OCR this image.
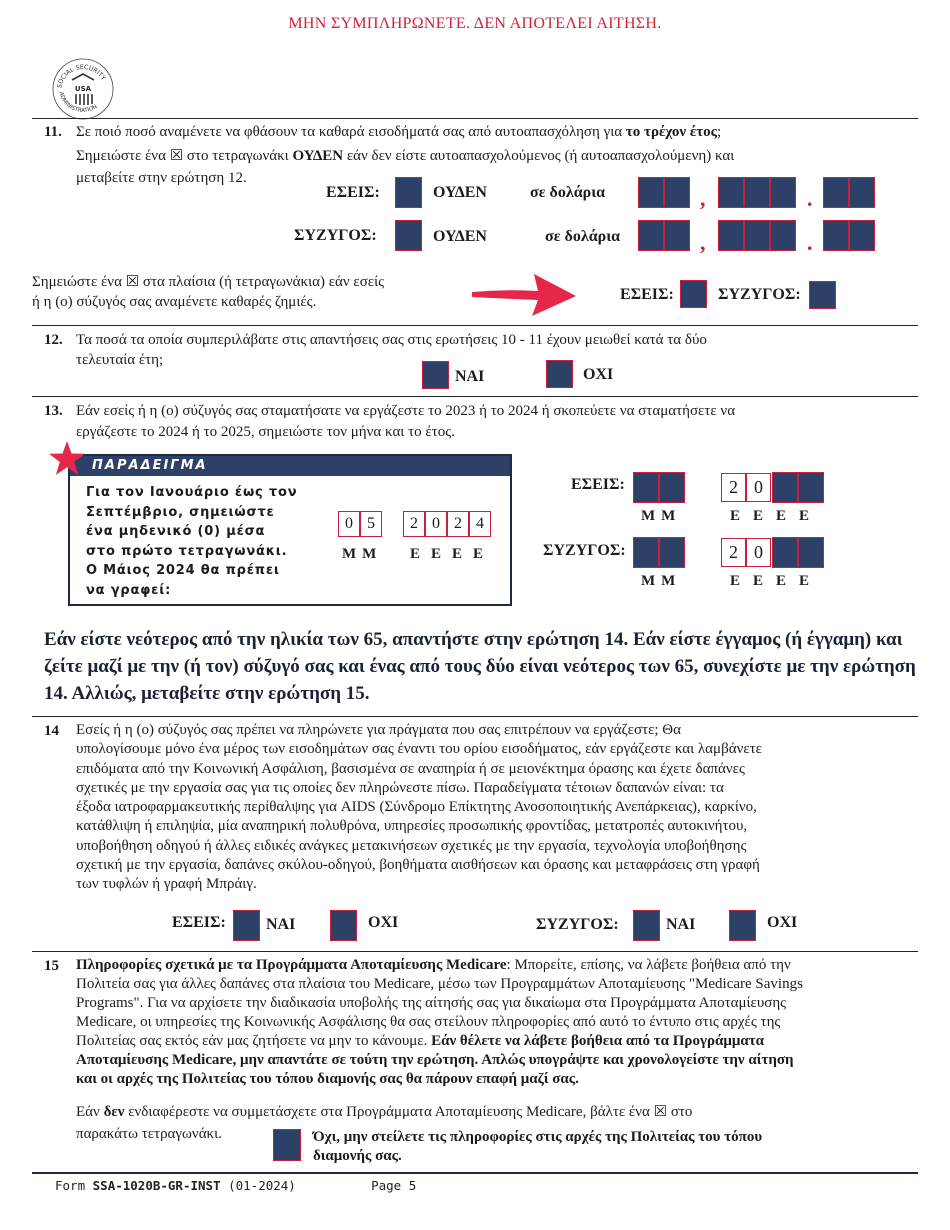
ΜΗΝ ΣΥΜΠΛΗΡΩΝΕΤΕ. ΔΕΝ ΑΠΟΤΕΛΕΙ ΑΙΤΗΣΗ.
SOCIAL SECURITY
ADMINISTRATION
USA
11. Σε ποιό ποσό αναμένετε να φθάσουν τα καθαρά εισοδήματά σας από αυτοαπασχόληση για το τρέχον έτος;
Σημειώστε ένα ☒ στο τετραγωνάκι ΟΥΔΕΝ εάν δεν είστε αυτοαπασχολούμενος (ή αυτοαπασχολούμενη) και
μεταβείτε στην ερώτηση 12.
ΕΣΕΙΣ:	ΟΥΔΕΝ	σε δολάρια	,	.
ΣΥΖΥΓΟΣ:	ΟΥΔΕΝ	σε δολάρια	,	.
Σημειώστε ένα ☒ στα πλαίσια (ή τετραγωνάκια) εάν εσείς
ή η (ο) σύζυγός σας αναμένετε καθαρές ζημιές.	ΕΣΕΙΣ:	ΣΥΖΥΓΟΣ:
12. Τα ποσά τα οποία συμπεριλάβατε στις απαντήσεις σας στις ερωτήσεις 10 - 11 έχουν μειωθεί κατά τα δύο
τελευταία έτη;
ΝΑΙ	ΟΧΙ
13. Εάν εσείς ή η (ο) σύζυγός σας σταματήσατε να εργάζεστε το 2023 ή το 2024 ή σκοπεύετε να σταματήσετε να
εργάζεστε το 2024 ή το 2025, σημειώστε τον μήνα και το έτος.
ΠΑΡΑΔΕΙΓΜΑ
Για τον Ιανουάριο έως τον
Σεπτέμβριο, σημειώστε
ένα μηδενικό (0) μέσα
στο πρώτο τετραγωνάκι.
Ο Μάιος 2024 θα πρέπει
να γραφεί:
0 5	2 0 2 4
ΜΜ ΕΕΕΕ
ΕΣΕΙΣ:	2 0
ΜΜ	ΕΕΕΕ
ΣΥΖΥΓΟΣ:	2 0
ΜΜ	ΕΕΕΕ
Εάν είστε νεότερος από την ηλικία των 65, απαντήστε στην ερώτηση 14. Εάν είστε έγγαμος (ή έγγαμη) και ζείτε μαζί με την (ή τον) σύζυγό σας και ένας από τους δύο είναι νεότερος των 65, συνεχίστε με την ερώτηση 14. Αλλιώς, μεταβείτε στην ερώτηση 15.
14 Εσείς ή η (ο) σύζυγός σας πρέπει να πληρώνετε για πράγματα που σας επιτρέπουν να εργάζεστε; Θα
υπολογίσουμε μόνο ένα μέρος των εισοδημάτων σας έναντι του ορίου εισοδήματος, εάν εργάζεστε και λαμβάνετε
επιδόματα από την Κοινωνική Ασφάλιση, βασισμένα σε αναπηρία ή σε μειονέκτημα όρασης και έχετε δαπάνες
σχετικές με την εργασία σας για τις οποίες δεν πληρώνεστε πίσω. Παραδείγματα τέτοιων δαπανών είναι: τα
έξοδα ιατροφαρμακευτικής περίθαλψης για AIDS (Σύνδρομο Επίκτητης Ανοσοποιητικής Ανεπάρκειας), καρκίνο,
κατάθλιψη ή επιληψία, μία αναπηρική πολυθρόνα, υπηρεσίες προσωπικής φροντίδας, μετατροπές αυτοκινήτου,
υποβοήθηση οδηγού ή άλλες ειδικές ανάγκες μετακινήσεων σχετικές με την εργασία, τεχνολογία υποβοήθησης
σχετική με την εργασία, δαπάνες σκύλου-οδηγού, βοηθήματα αισθήσεων και όρασης και μεταφράσεις στη γραφή
των τυφλών ή γραφή Μπράιγ.
ΕΣΕΙΣ:	ΝΑΙ	ΟΧΙ	ΣΥΖΥΓΟΣ:	ΝΑΙ	ΟΧΙ
15 Πληροφορίες σχετικά με τα Προγράμματα Αποταμίευσης Medicare: Μπορείτε, επίσης, να λάβετε βοήθεια από την
Πολιτεία σας για άλλες δαπάνες στα πλαίσια του Medicare, μέσω των Προγραμμάτων Αποταμίευσης "Medicare Savings
Programs". Για να αρχίσετε την διαδικασία υποβολής της αίτησής σας για δικαίωμα στα Προγράμματα Αποταμίευσης
Medicare, οι υπηρεσίες της Κοινωνικής Ασφάλισης θα σας στείλουν πληροφορίες από αυτό το έντυπο στις αρχές της
Πολιτείας σας εκτός εάν μας ζητήσετε να μην το κάνουμε. Εάν θέλετε να λάβετε βοήθεια από τα Προγράμματα
Αποταμίευσης Medicare, μην απαντάτε σε τούτη την ερώτηση. Απλώς υπογράψτε και χρονολογείστε την αίτηση
και οι αρχές της Πολιτείας του τόπου διαμονής σας θα πάρουν επαφή μαζί σας.
Εάν δεν ενδιαφέρεστε να συμμετάσχετε στα Προγράμματα Αποταμίευσης Medicare, βάλτε ένα ☒ στο
παρακάτω τετραγωνάκι.	Όχι, μην στείλετε τις πληροφορίες στις αρχές της Πολιτείας του τόπου
διαμονής σας.
Form SSA-1020B-GR-INST (01-2024)	Page 5
